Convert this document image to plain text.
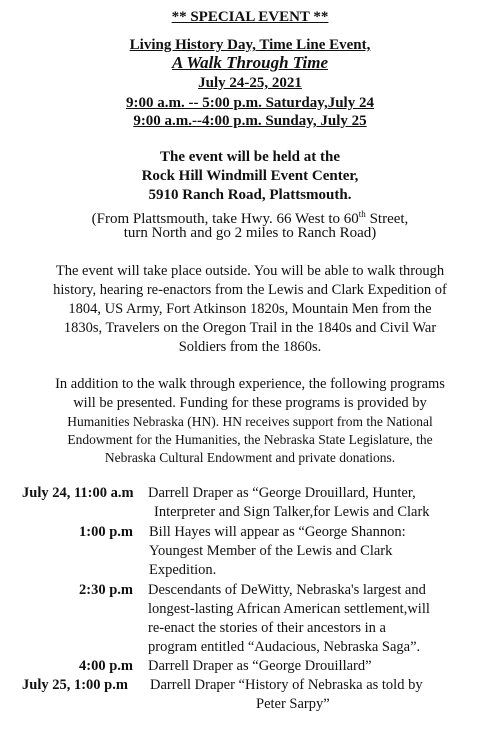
** SPECIAL EVENT **
Living History Day, Time Line Event,
A Walk Through Time
July 24-25, 2021
9:00 a.m. -- 5:00 p.m. Saturday,July 24
9:00 a.m.--4:00 p.m. Sunday, July 25
The event will be held at the
Rock Hill Windmill Event Center,
5910 Ranch Road, Plattsmouth.
(From Plattsmouth, take Hwy. 66 West to 60th Street,
turn North and go 2 miles to Ranch Road)
The event will take place outside. You will be able to walk through
history, hearing re-enactors from the Lewis and Clark Expedition of
1804, US Army, Fort Atkinson 1820s, Mountain Men from the
1830s, Travelers on the Oregon Trail in the 1840s and Civil War
Soldiers from the 1860s.
In addition to the walk through experience, the following programs
will be presented. Funding for these programs is provided by
Humanities Nebraska (HN). HN receives support from the National
Endowment for the Humanities, the Nebraska State Legislature, the
Nebraska Cultural Endowment and private donations.
July 24, 11:00 a.m Darrell Draper as “George Drouillard, Hunter,
Interpreter and Sign Talker,for Lewis and Clark
1:00 p.m Bill Hayes will appear as “George Shannon:
Youngest Member of the Lewis and Clark
Expedition.
2:30 p.m Descendants of DeWitty, Nebraska's largest and
longest-lasting African American settlement,will
re-enact the stories of their ancestors in a
program entitled “Audacious, Nebraska Saga”.
4:00 p.m Darrell Draper as “George Drouillard”
July 25, 1:00 p.m Darrell Draper “History of Nebraska as told by
Peter Sarpy”
